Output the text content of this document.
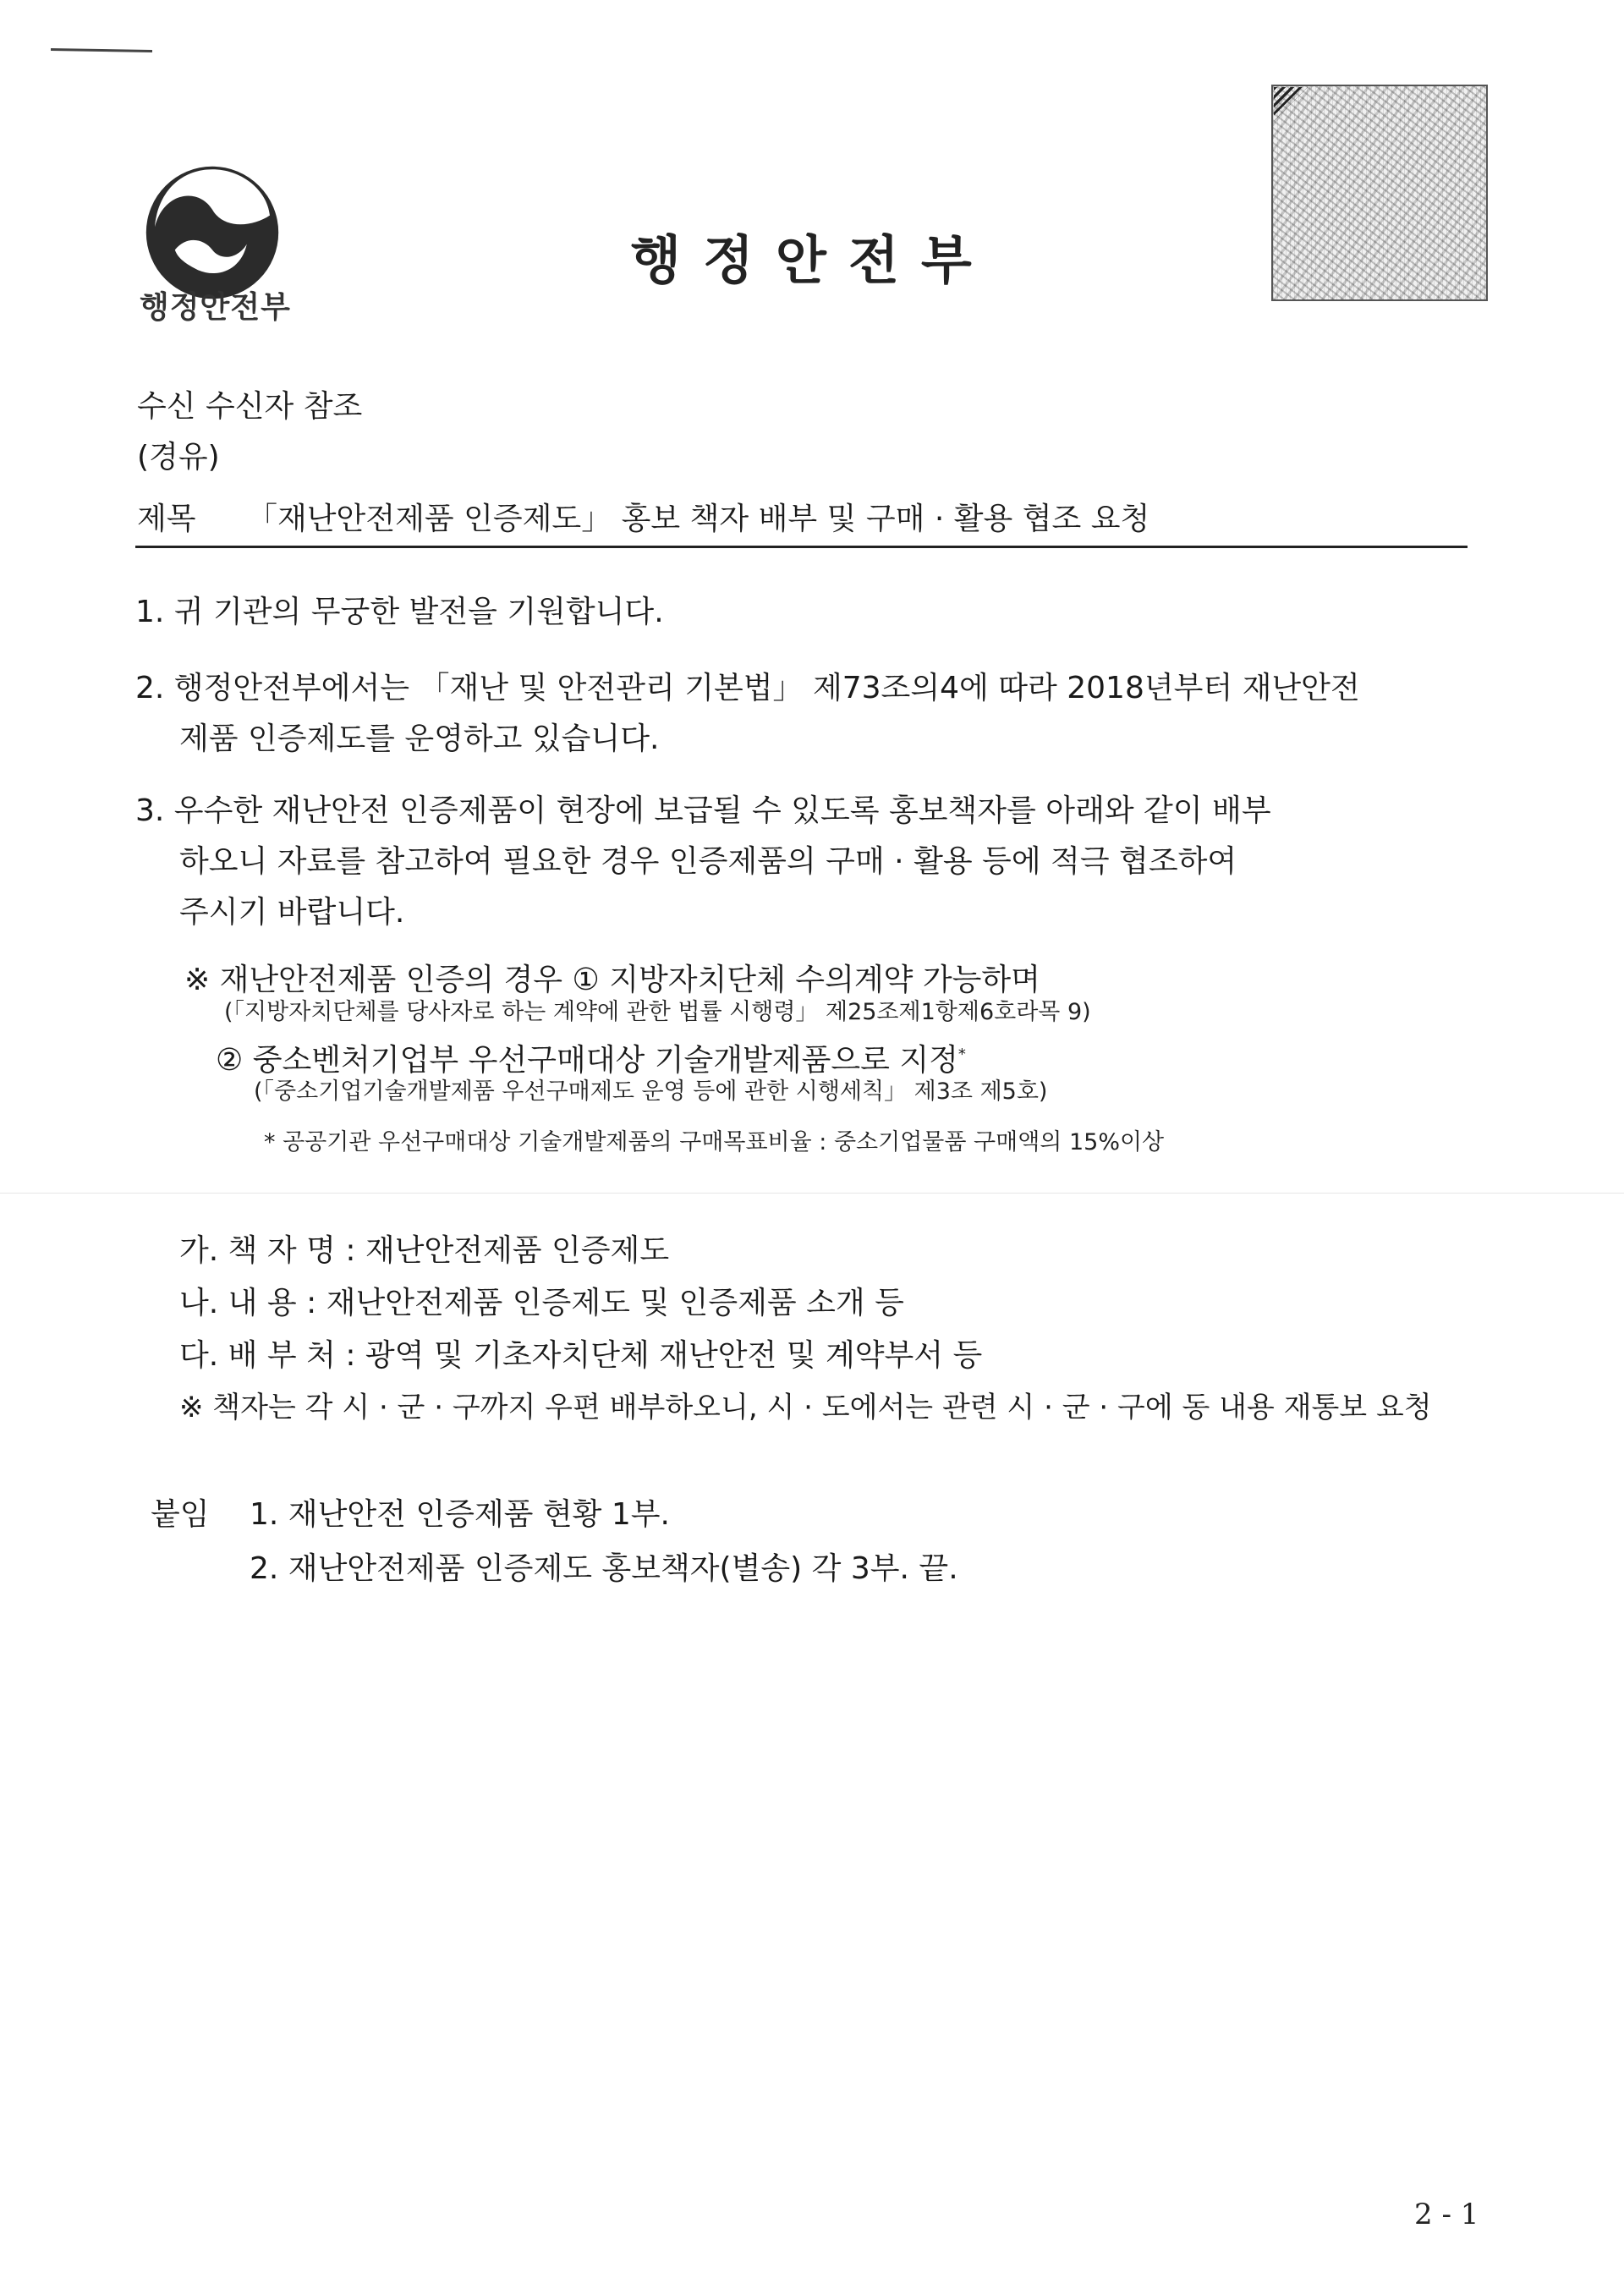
행정안전부
행정안전부
수신 수신자 참조
(경유)
제목 「재난안전제품 인증제도」 홍보 책자 배부 및 구매 · 활용 협조 요청
1. 귀 기관의 무궁한 발전을 기원합니다.
2. 행정안전부에서는 「재난 및 안전관리 기본법」 제73조의4에 따라 2018년부터 재난안전
제품 인증제도를 운영하고 있습니다.
3. 우수한 재난안전 인증제품이 현장에 보급될 수 있도록 홍보책자를 아래와 같이 배부
하오니 자료를 참고하여 필요한 경우 인증제품의 구매 · 활용 등에 적극 협조하여
주시기 바랍니다.
※ 재난안전제품 인증의 경우 ① 지방자치단체 수의계약 가능하며
(「지방자치단체를 당사자로 하는 계약에 관한 법률 시행령」 제25조제1항제6호라목 9)
② 중소벤처기업부 우선구매대상 기술개발제품으로 지정*
(「중소기업기술개발제품 우선구매제도 운영 등에 관한 시행세칙」 제3조 제5호)
* 공공기관 우선구매대상 기술개발제품의 구매목표비율 : 중소기업물품 구매액의 15%이상
가. 책 자 명 : 재난안전제품 인증제도
나. 내 용 : 재난안전제품 인증제도 및 인증제품 소개 등
다. 배 부 처 : 광역 및 기초자치단체 재난안전 및 계약부서 등
※ 책자는 각 시 · 군 · 구까지 우편 배부하오니, 시 · 도에서는 관련 시 · 군 · 구에 동 내용 재통보 요청
붙임 1. 재난안전 인증제품 현황 1부.
2. 재난안전제품 인증제도 홍보책자(별송) 각 3부. 끝.
2 - 1
